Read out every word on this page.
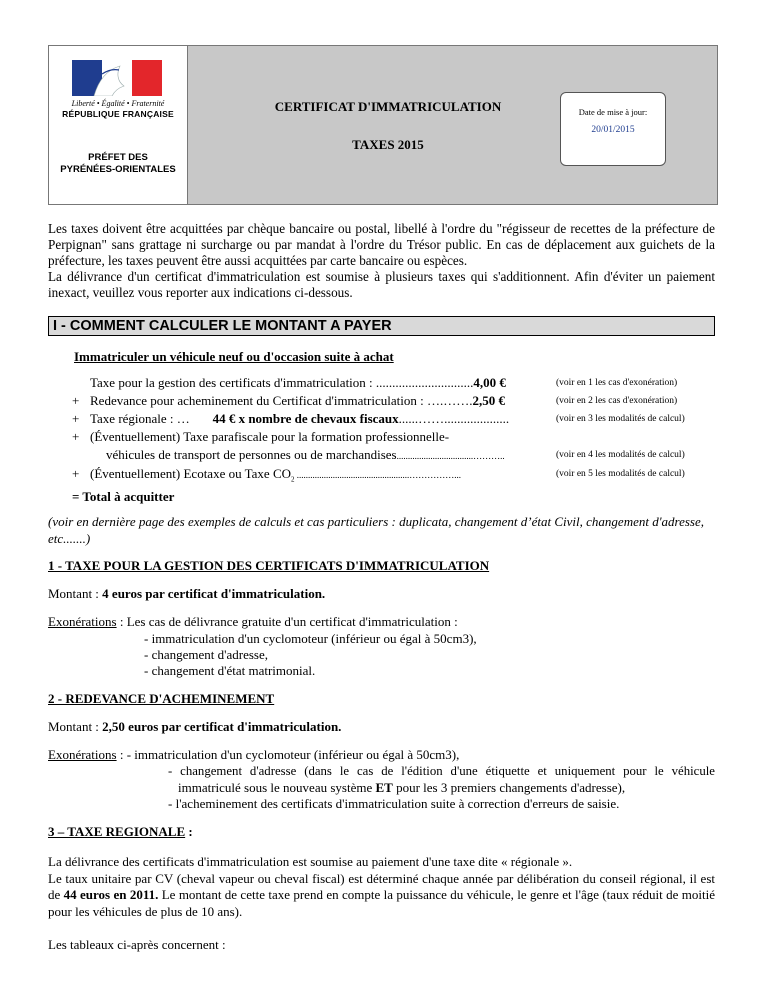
Liberté • Égalité • Fraternité
RÉPUBLIQUE FRANÇAISE
PRÉFET DES
PYRÉNÉES-ORIENTALES
CERTIFICAT D'IMMATRICULATION
TAXES 2015
Date de mise à jour:
20/01/2015

Les taxes doivent être acquittées par chèque bancaire ou postal, libellé à l'ordre du "régisseur de recettes de la préfecture de Perpignan" sans grattage ni surcharge ou par mandat à l'ordre du Trésor public. En cas de déplacement aux guichets de la préfecture, les taxes peuvent être aussi acquittées par carte bancaire ou espèces.

La délivrance d'un certificat d'immatriculation est soumise à plusieurs taxes qui s'additionnent. Afin d'éviter un paiement inexact, veuillez vous reporter aux indications ci-dessous.

I - COMMENT CALCULER LE MONTANT A PAYER
Immatriculer un véhicule neuf ou d'occasion suite à achat
Taxe pour la gestion des certificats d'immatriculation : ..............................4,00 €	(voir en 1 les cas d'exonération)
+ Redevance pour acheminement du Certificat d'immatriculation : ….…….2,50 €	(voir en 2 les cas d'exonération)
+ Taxe régionale : … 44 € x nombre de chevaux fiscaux......……....................	(voir en 3 les modalités de calcul)
+ (Éventuellement) Taxe parafiscale pour la formation professionnelle-
véhicules de transport de personnes ou de marchandises..................................………..	(voir en 4 les modalités de calcul)
+ (Éventuellement) Ecotaxe ou Taxe $CO_2$ ..................................................……………...	(voir en 5 les modalités de calcul)
= Total à acquitter
(voir en dernière page des exemples de calculs et cas particuliers : duplicata, changement d’état Civil, changement d'adresse, etc.......)
1 - TAXE POUR LA GESTION DES CERTIFICATS D'IMMATRICULATION
Montant : 4 euros par certificat d'immatriculation.
Exonérations : Les cas de délivrance gratuite d'un certificat d'immatriculation :
- immatriculation d'un cyclomoteur (inférieur ou égal à 50cm3),
- changement d'adresse,
- changement d'état matrimonial.
2 - REDEVANCE D'ACHEMINEMENT
Montant : 2,50 euros par certificat d'immatriculation.
Exonérations : - immatriculation d'un cyclomoteur (inférieur ou égal à 50cm3),
- changement d'adresse (dans le cas de l'édition d'une étiquette et uniquement pour le véhicule
immatriculé sous le nouveau système ET pour les 3 premiers changements d'adresse),
- l'acheminement des certificats d'immatriculation suite à correction d'erreurs de saisie.
3 – TAXE REGIONALE :

La délivrance des certificats d'immatriculation est soumise au paiement d'une taxe dite « régionale ».

Le taux unitaire par CV (cheval vapeur ou cheval fiscal) est déterminé chaque année par délibération du conseil régional, il est de 44 euros en 2011. Le montant de cette taxe prend en compte la puissance du véhicule, le genre et l'âge (taux réduit de moitié pour les véhicules de plus de 10 ans).

Les tableaux ci-après concernent :
